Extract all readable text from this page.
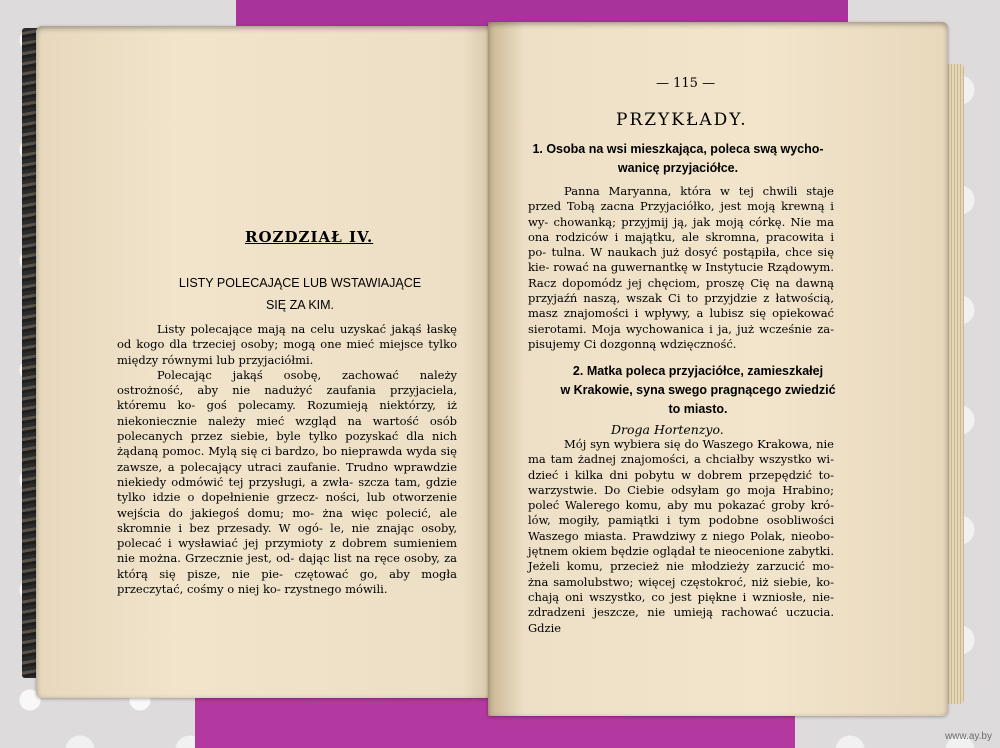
ROZDZIAŁ IV.
LISTY POLECAJĄCE LUB WSTAWIAJĄCE
SIĘ ZA KIM.
Listy polecające mają na celu uzyskać jakąś łaskę od kogo dla trzeciej osoby; mogą one mieć miejsce tylko między równymi lub przyjaciółmi.
Polecając jakąś osobę, zachować należy ostrożność, aby nie nadużyć zaufania przyjaciela, któremu ko- goś polecamy. Rozumieją niektórzy, iż niekoniecznie należy mieć wzgląd na wartość osób polecanych przez siebie, byle tylko pozyskać dla nich żądaną pomoc. Mylą się ci bardzo, bo nieprawda wyda się zawsze, a polecający utraci zaufanie. Trudno wprawdzie niekiedy odmówić tej przysługi, a zwła- szcza tam, gdzie tylko idzie o dopełnienie grzecz- ności, lub otworzenie wejścia do jakiegoś domu; mo- żna więc polecić, ale skromnie i bez przesady. W ogó- le, nie znając osoby, polecać i wysławiać jej przymioty z dobrem sumieniem nie można. Grzecznie jest, od- dając list na ręce osoby, za którą się pisze, nie pie- czętować go, aby mogła przeczytać, cośmy o niej ko- rzystnego mówili.
— 115 —
PRZYKŁADY.
1. Osoba na wsi mieszkająca, poleca swą wycho-
wanicę przyjaciółce.
Panna Maryanna, która w tej chwili staje przed Tobą zacna Przyjaciółko, jest moją krewną i wy- chowanką; przyjmij ją, jak moją córkę. Nie ma ona rodziców i majątku, ale skromna, pracowita i po- tulna. W naukach już dosyć postąpiła, chce się kie- rować na guwernantkę w Instytucie Rządowym. Racz dopomódz jej chęciom, proszę Cię na dawną przyjaźń naszą, wszak Ci to przyjdzie z łatwością, masz znajomości i wpływy, a lubisz się opiekować sierotami. Moja wychowanica i ja, już wcześnie za- pisujemy Ci dozgonną wdzięczność.
2. Matka poleca przyjaciółce, zamieszkałej
w Krakowie, syna swego pragnącego zwiedzić
to miasto.
Droga Hortenzyo.
Mój syn wybiera się do Waszego Krakowa, nie ma tam żadnej znajomości, a chciałby wszystko wi- dzieć i kilka dni pobytu w dobrem przepędzić to- warzystwie. Do Ciebie odsyłam go moja Hrabino; poleć Walerego komu, aby mu pokazać groby kró- lów, mogiły, pamiątki i tym podobne osobliwości Waszego miasta. Prawdziwy z niego Polak, nieobo- jętnem okiem będzie oglądał te nieocenione zabytki. Jeżeli komu, przecież nie młodzieży zarzucić mo- żna samolubstwo; więcej częstokroć, niż siebie, ko- chają oni wszystko, co jest piękne i wzniosłe, nie- zdradzeni jeszcze, nie umieją rachować uczucia. Gdzie
www.ay.by
